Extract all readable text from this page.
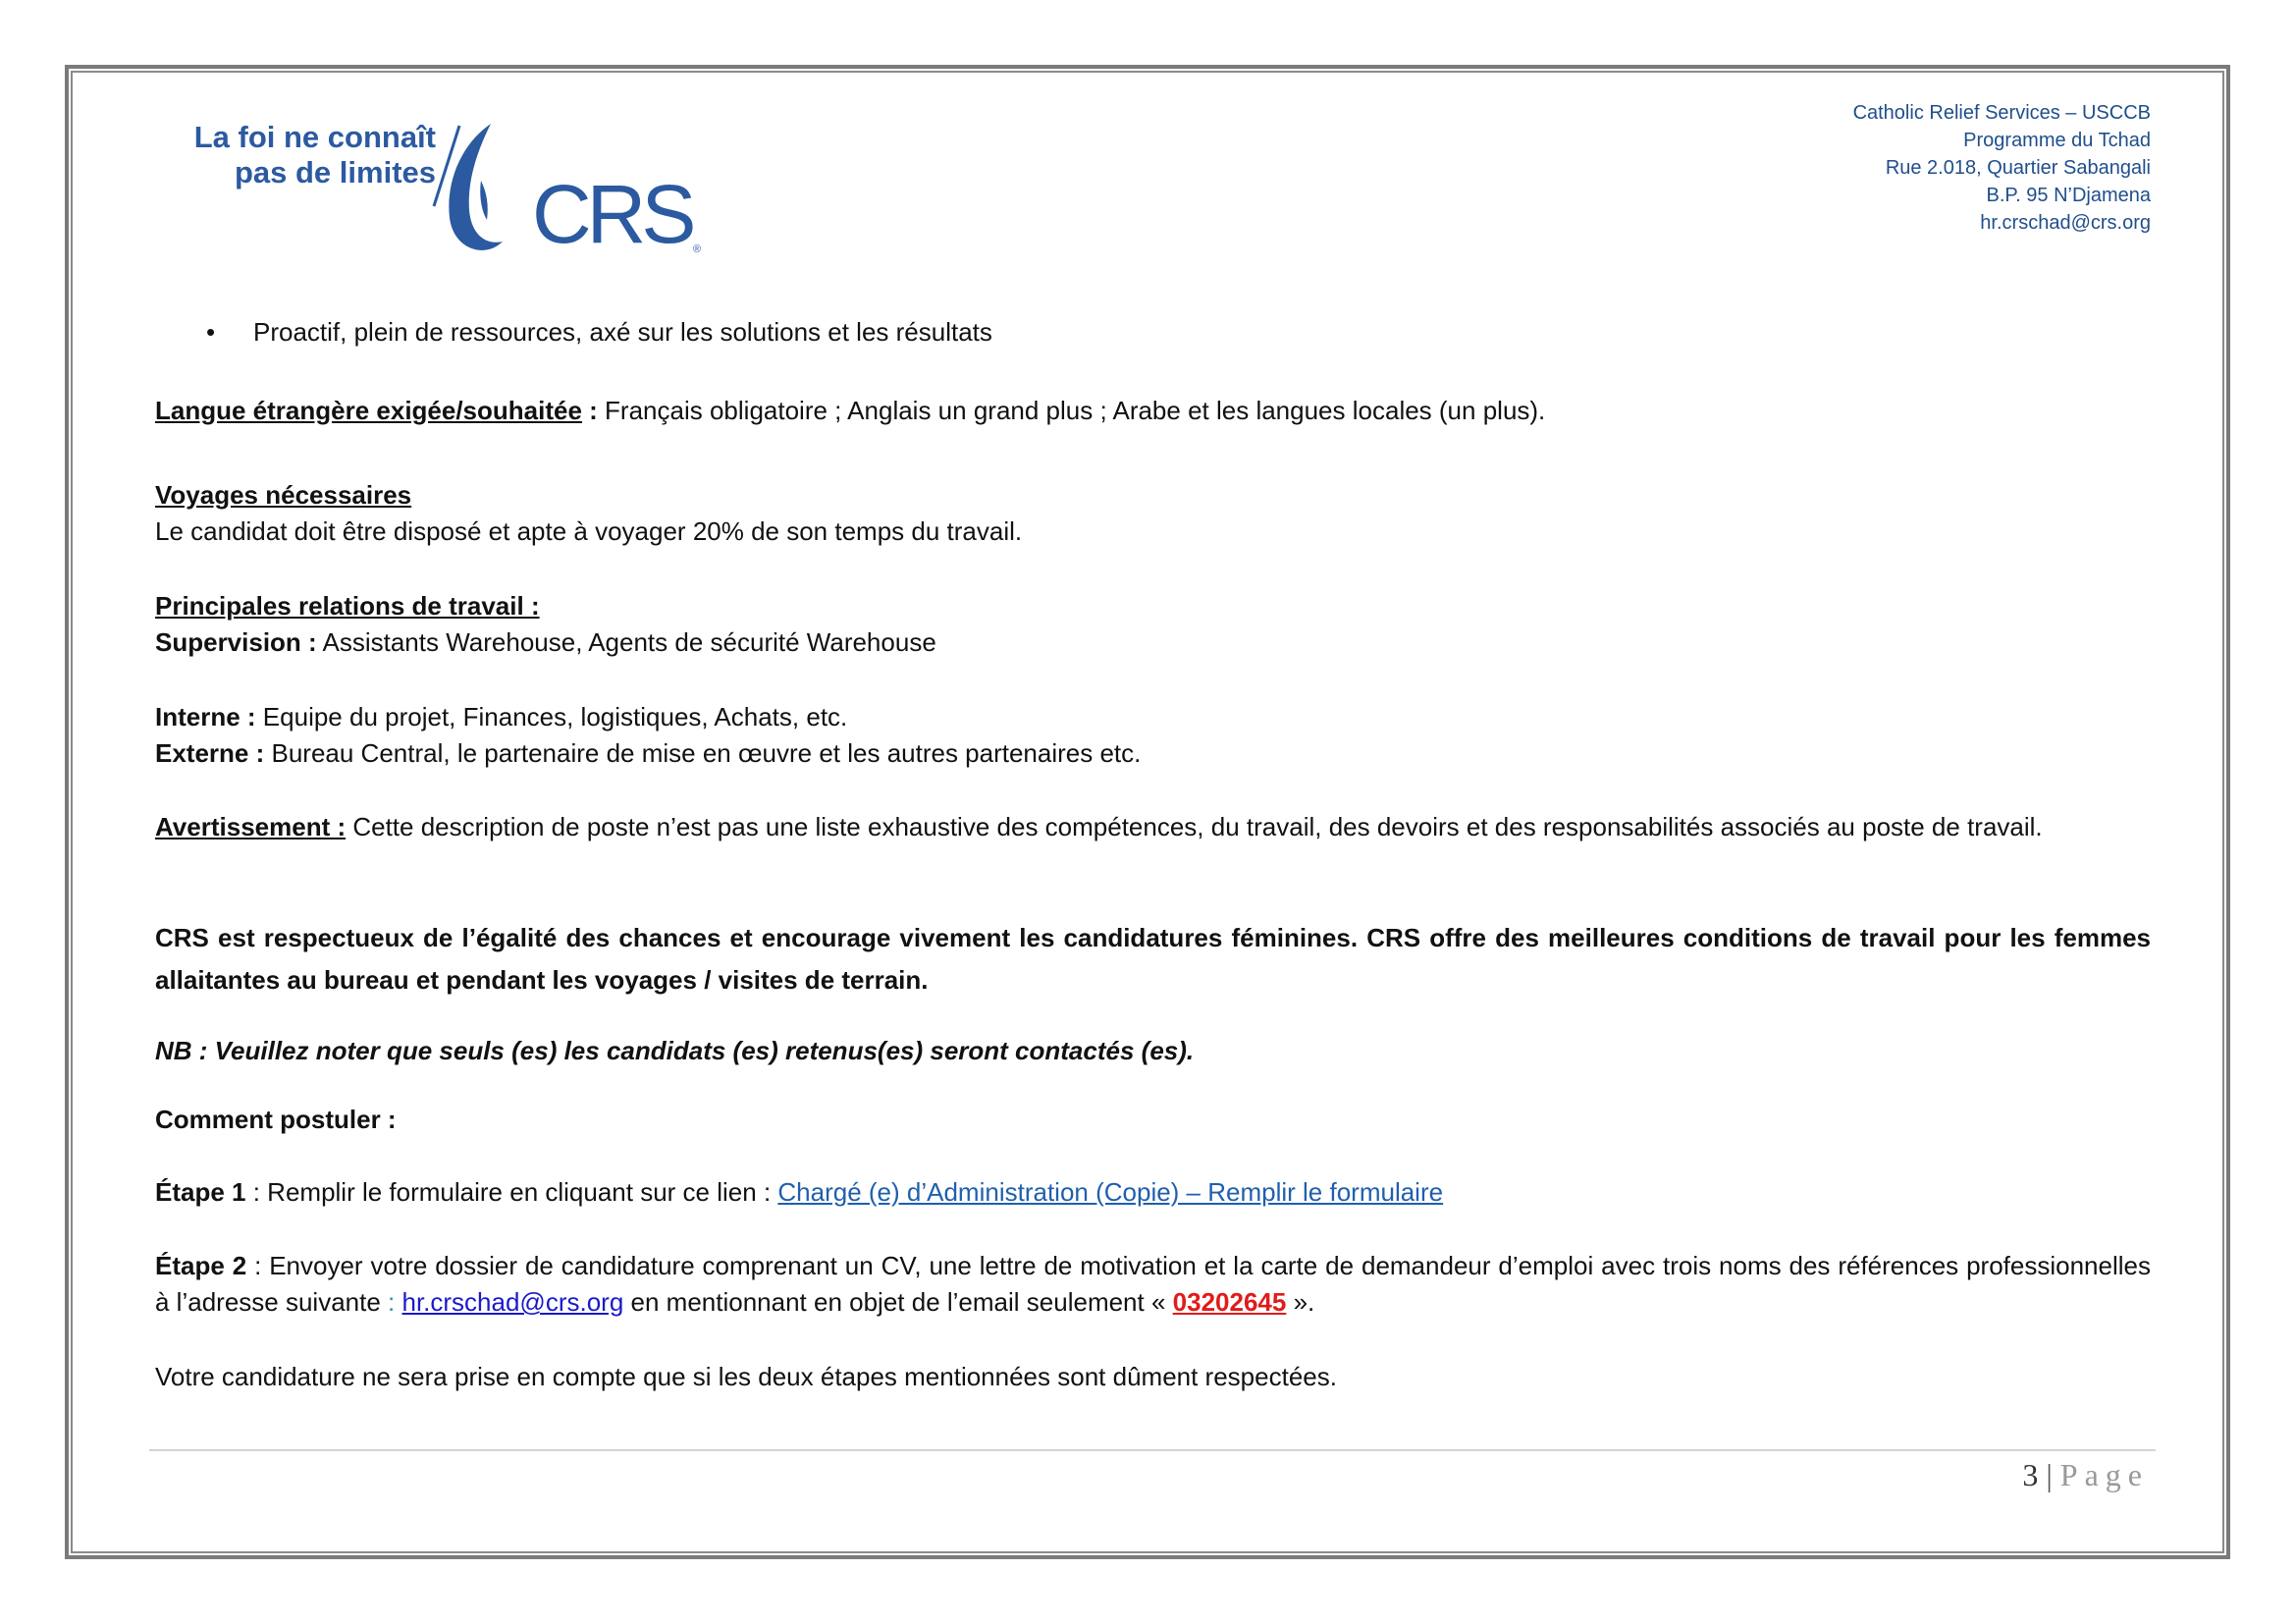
La foi ne connaît
pas de limites CRS ®
Catholic Relief Services – USCCB
Programme du Tchad
Rue 2.018, Quartier Sabangali
B.P. 95 N’Djamena
hr.crschad@crs.org
• Proactif, plein de ressources, axé sur les solutions et les résultats
Langue étrangère exigée/souhaitée : Français obligatoire ; Anglais un grand plus ; Arabe et les langues locales (un plus).
Voyages nécessaires
Le candidat doit être disposé et apte à voyager 20% de son temps du travail.
Principales relations de travail :
Supervision : Assistants Warehouse, Agents de sécurité Warehouse
Interne : Equipe du projet, Finances, logistiques, Achats, etc.
Externe : Bureau Central, le partenaire de mise en œuvre et les autres partenaires etc.
Avertissement : Cette description de poste n’est pas une liste exhaustive des compétences, du travail, des devoirs et des responsabilités associés au poste de travail.
CRS est respectueux de l’égalité des chances et encourage vivement les candidatures féminines. CRS offre des meilleures conditions de travail pour les femmes allaitantes au bureau et pendant les voyages / visites de terrain.
NB : Veuillez noter que seuls (es) les candidats (es) retenus(es) seront contactés (es).
Comment postuler :
Étape 1 : Remplir le formulaire en cliquant sur ce lien : Chargé (e) d’Administration (Copie) – Remplir le formulaire
Étape 2 : Envoyer votre dossier de candidature comprenant un CV, une lettre de motivation et la carte de demandeur d’emploi avec trois noms des références professionnelles à l’adresse suivante : hr.crschad@crs.org en mentionnant en objet de l’email seulement « 03202645 ».
Votre candidature ne sera prise en compte que si les deux étapes mentionnées sont dûment respectées.
3 | Page
